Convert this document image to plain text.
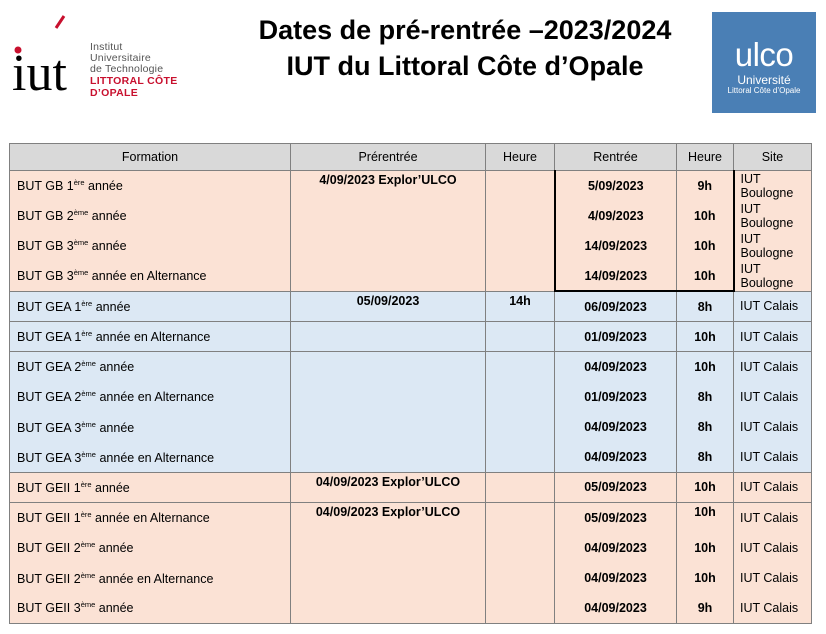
iut Institut
Universitaire
de Technologie
LITTORAL CÔTE D’OPALE
Dates de pré-rentrée –2023/2024
IUT du Littoral Côte d’Opale	ulco
Université
Littoral Côte d’Opale
Formation	Prérentrée	Heure	Rentrée	Heure	Site
BUT GB 1ère année	4/09/2023 Explor’ULCO		5/09/2023	9h	IUT Boulogne
BUT GB 2ème année			4/09/2023	10h	IUT Boulogne
BUT GB 3ème année			14/09/2023	10h	IUT Boulogne
BUT GB 3ème année en Alternance			14/09/2023	10h	IUT Boulogne
BUT GEA 1ère année	05/09/2023	14h	06/09/2023	8h	IUT Calais
BUT GEA 1ère année en Alternance			01/09/2023	10h	IUT Calais
BUT GEA 2ème année			04/09/2023	10h	IUT Calais
BUT GEA 2ème année en Alternance			01/09/2023	8h	IUT Calais
BUT GEA 3ème année			04/09/2023	8h	IUT Calais
BUT GEA 3ème année en Alternance			04/09/2023	8h	IUT Calais
BUT GEII 1ère année	04/09/2023 Explor’ULCO		05/09/2023	10h	IUT Calais
BUT GEII 1ère année en Alternance	04/09/2023 Explor’ULCO		05/09/2023	10h	IUT Calais
BUT GEII 2ème année			04/09/2023	10h	IUT Calais
BUT GEII 2ème année en Alternance			04/09/2023	10h	IUT Calais
BUT GEII 3ème année			04/09/2023	9h	IUT Calais
